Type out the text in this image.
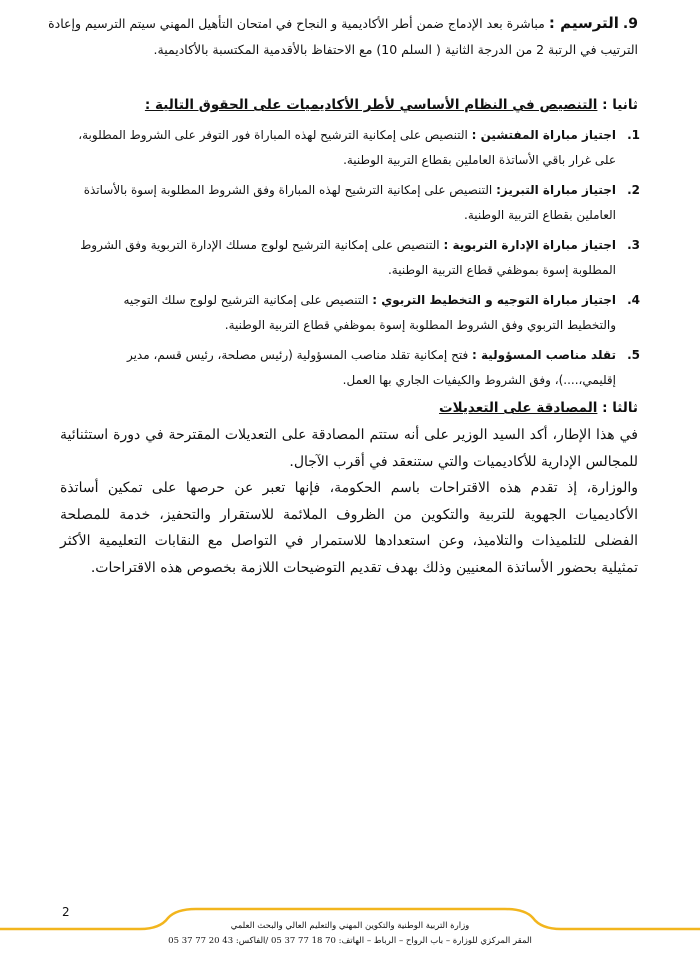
9. الترسيم : مباشرة بعد الإدماج ضمن أطر الأكاديمية و النجاح في امتحان التأهيل المهني سيتم الترسيم وإعادة الترتيب في الرتبة 2 من الدرجة الثانية ( السلم 10) مع الاحتفاظ بالأقدمية المكتسبة بالأكاديمية.
ثانيا : التنصيص في النظام الأساسي لأطر الأكاديميات على الحقوق التالية :
1.
اجتياز مباراة المفتشين : التنصيص على إمكانية الترشيح لهذه المباراة فور التوفر على الشروط المطلوبة، على غرار باقي الأساتذة العاملين بقطاع التربية الوطنية.
2.
اجتياز مباراة التبريز: التنصيص على إمكانية الترشيح لهذه المباراة وفق الشروط المطلوبة إسوة بالأساتذة العاملين بقطاع التربية الوطنية.
3.
اجتياز مباراة الإدارة التربوية : التنصيص على إمكانية الترشيح لولوج مسلك الإدارة التربوية وفق الشروط المطلوبة إسوة بموظفي قطاع التربية الوطنية.
4.
اجتياز مباراة التوجيه و التخطيط التربوي : التنصيص على إمكانية الترشيح لولوج سلك التوجيه والتخطيط التربوي وفق الشروط المطلوبة إسوة بموظفي قطاع التربية الوطنية.
5.
تقلد مناصب المسؤولية : فتح إمكانية تقلد مناصب المسؤولية (رئيس مصلحة، رئيس قسم، مدير إقليمي،....)، وفق الشروط والكيفيات الجاري بها العمل.
ثالثا : المصادقة على التعديلات

في هذا الإطار، أكد السيد الوزير على أنه ستتم المصادقة على التعديلات المقترحة في دورة استثنائية للمجالس الإدارية للأكاديميات والتي ستنعقد في أقرب الآجال.

والوزارة، إذ تقدم هذه الاقتراحات باسم الحكومة، فإنها تعبر عن حرصها على تمكين أساتذة الأكاديميات الجهوية للتربية والتكوين من الظروف الملائمة للاستقرار والتحفيز، خدمة للمصلحة الفضلى للتلميذات والتلاميذ، وعن استعدادها للاستمرار في التواصل مع النقابات التعليمية الأكثر تمثيلية بحضور الأساتذة المعنيين وذلك بهدف تقديم التوضيحات اللازمة بخصوص هذه الاقتراحات.

2
وزارة التربية الوطنية والتكوين المهني والتعليم العالي والبحث العلمي
المقر المركزي للوزارة – باب الرواح – الرباط – الهاتف: 70 18 77 37 05 /الفاكس: 43 20 77 37 05
